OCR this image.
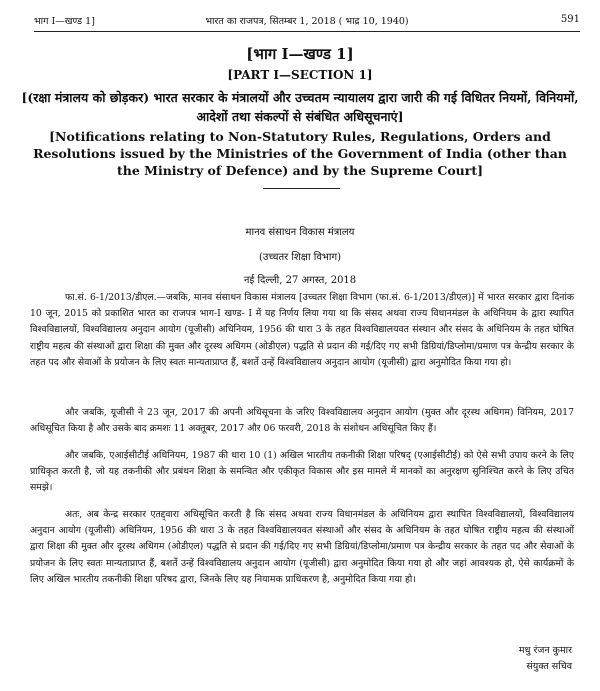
भाग I—खण्ड 1]	भारत का राजपत्र, सितम्बर 1, 2018 ( भाद्र 10, 1940)	591
[भाग I—खण्ड 1]
[PART I—SECTION 1]
[(रक्षा मंत्रालय को छोड़कर) भारत सरकार के मंत्रालयों और उच्चतम न्यायालय द्वारा जारी की गई विधितर नियमों, विनियमों, आदेशों तथा संकल्पों से संबंधित अधिसूचनाएं]
[Notifications relating to Non-Statutory Rules, Regulations, Orders and Resolutions issued by the Ministries of the Government of India (other than the Ministry of Defence) and by the Supreme Court]
मानव संसाधन विकास मंत्रालय
(उच्चतर शिक्षा विभाग)
नई दिल्ली, 27 अगस्त, 2018

फा.सं. 6-1/2013/डीएल.—जबकि, मानव संसाधन विकास मंत्रालय [उच्चतर शिक्षा विभाग (फा.सं. 6-1/2013/डीएल)] में भारत सरकार द्वारा दिनांक 10 जून, 2015 को प्रकाशित भारत का राजपत्र भाग-I खण्ड- I में यह निर्णय लिया गया था कि संसद अथवा राज्य विधानमंडल के अधिनियम के द्वारा स्थापित विश्वविद्यालयों, विश्वविद्यालय अनुदान आयोग (यूजीसी) अधिनियम, 1956 की धारा 3 के तहत विश्वविद्यालयवत संस्थान और संसद के अधिनियम के तहत घोषित राष्ट्रीय महत्व की संस्थाओं द्वारा शिक्षा की मुक्त और दूरस्थ अधिगम (ओडीएल) पद्धति से प्रदान की गई/दिए गए सभी डिग्रियां/डिप्लोमा/प्रमाण पत्र केन्द्रीय सरकार के तहत पद और सेवाओं के प्रयोजन के लिए स्वतः मान्यताप्राप्त हैं, बशर्ते उन्हें विश्वविद्यालय अनुदान आयोग (यूजीसी) द्वारा अनुमोदित किया गया हो।

और जबकि, यूजीसी ने 23 जून, 2017 की अपनी अधिसूचना के जरिए विश्वविद्यालय अनुदान आयोग (मुक्त और दूरस्थ अधिगम) विनियम, 2017 अधिसूचित किया है और उसके बाद क्रमशः 11 अक्तूबर, 2017 और 06 फरवरी, 2018 के संशोधन अधिसूचित किए हैं।

और जबकि, एआईसीटीई अधिनियम, 1987 की धारा 10 (1) अखिल भारतीय तकनीकी शिक्षा परिषद् (एआईसीटीई) को ऐसे सभी उपाय करने के लिए प्राधिकृत करती है, जो यह तकनीकी और प्रबंधन शिक्षा के समन्वित और एकीकृत विकास और इस मामले में मानकों का अनुरक्षण सुनिश्चित करने के लिए उचित समझे।

अतः, अब केन्द्र सरकार एतद्द्वारा अधिसूचित करती है कि संसद अथवा राज्य विधानमंडल के अधिनियम द्वारा स्थापित विश्वविद्यालयों, विश्वविद्यालय अनुदान आयोग (यूजीसी) अधिनियम, 1956 की धारा 3 के तहत विश्वविद्यालयवत संस्थाओं और संसद के अधिनियम के तहत घोषित राष्ट्रीय महत्व की संस्थाओं द्वारा शिक्षा की मुक्त और दूरस्थ अधिगम (ओडीएल) पद्धति से प्रदान की गई/दिए गए सभी डिग्रियां/डिप्लोमा/प्रमाण पत्र केन्द्रीय सरकार के तहत पद और सेवाओं के प्रयोजन के लिए स्वतः मान्यताप्राप्त हैं, बशर्ते उन्हें विश्वविद्यालय अनुदान आयोग (यूजीसी) द्वारा अनुमोदित किया गया हो और जहां आवश्यक हो, ऐसे कार्यक्रमों के लिए अखिल भारतीय तकनीकी शिक्षा परिषद द्वारा, जिनके लिए यह नियामक प्राधिकरण है, अनुमोदित किया गया हो।

मधु रंजन कुमार
संयुक्त सचिव
